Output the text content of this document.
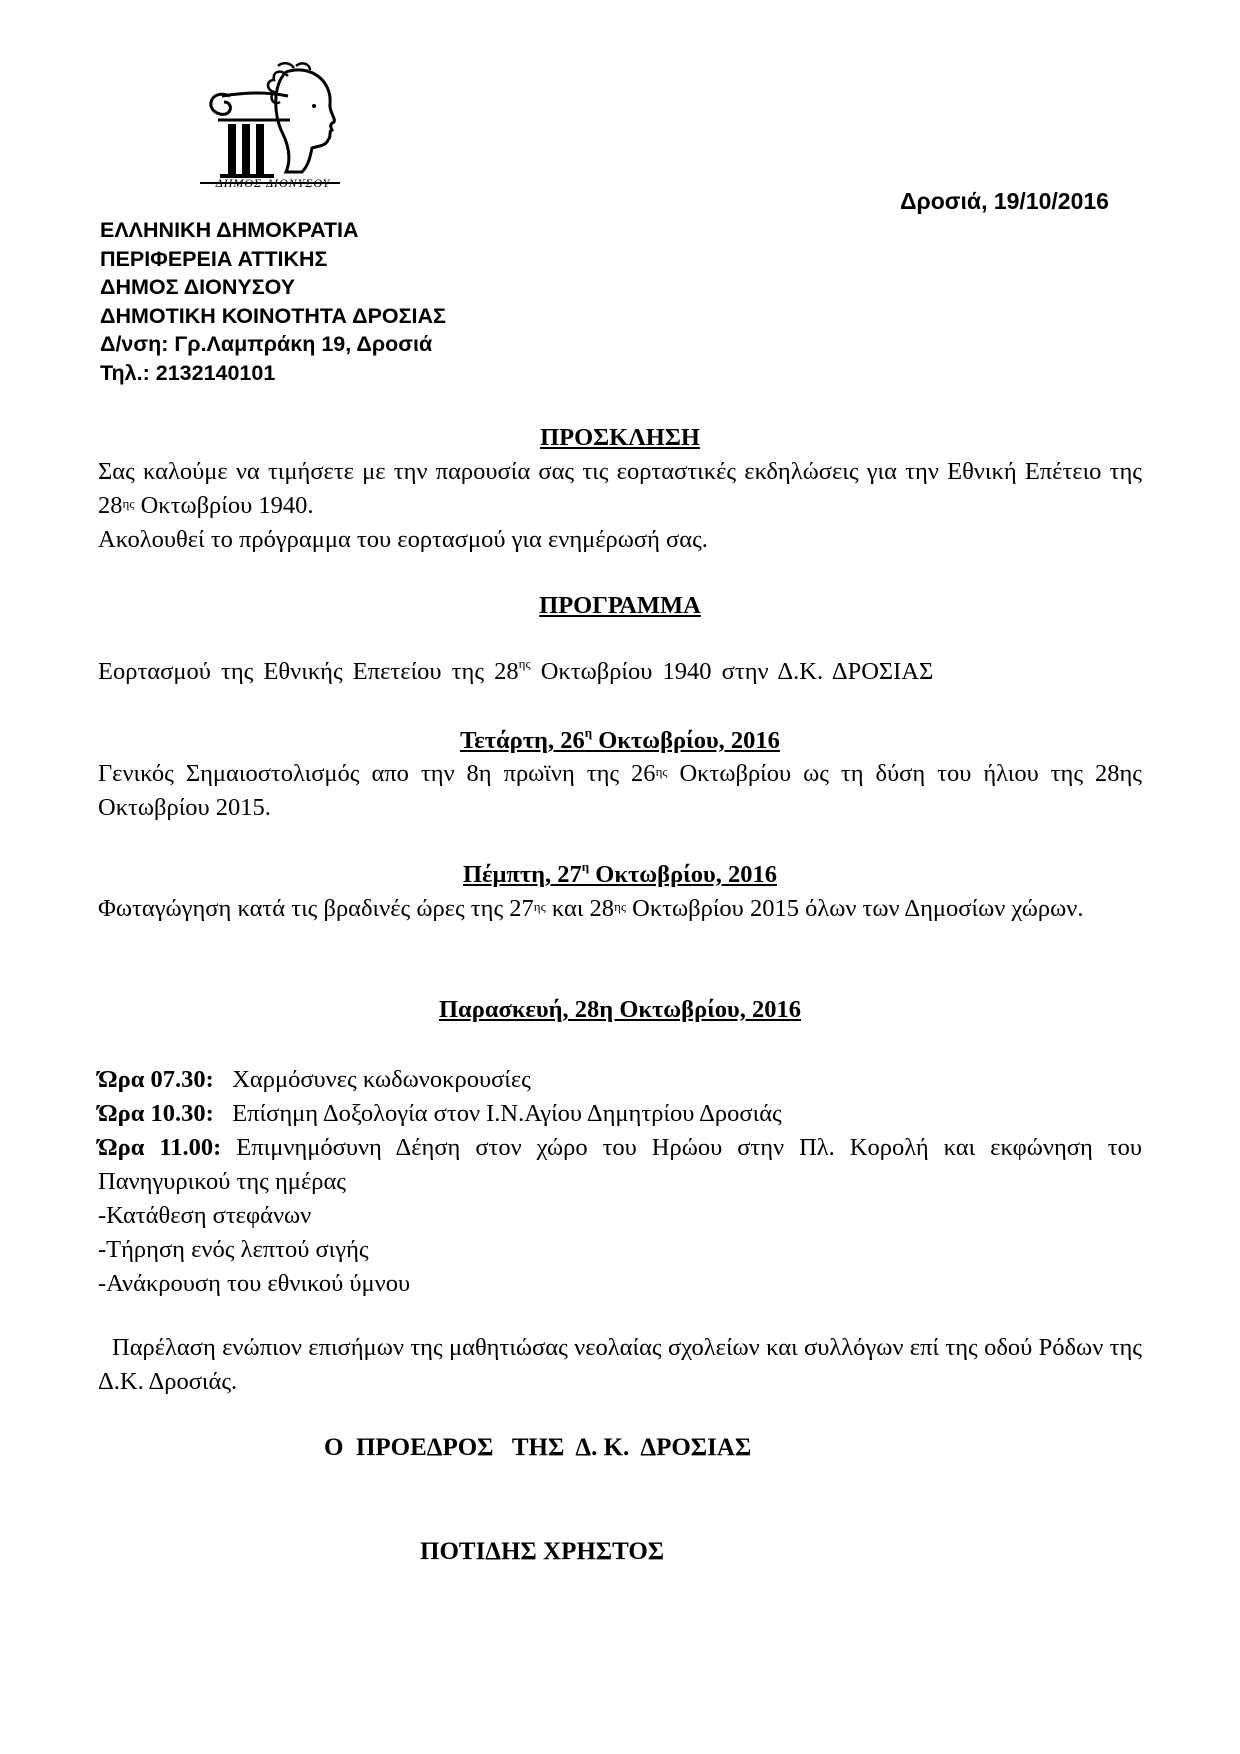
ΔΗΜΟΣ ΔΙΟΝΥΣΟΥ
Δροσιά, 19/10/2016
ΕΛΛΗΝΙΚΗ ΔΗΜΟΚΡΑΤΙΑ
ΠΕΡΙΦΕΡΕΙΑ ΑΤΤΙΚΗΣ
ΔΗΜΟΣ ΔΙΟΝΥΣΟΥ
ΔΗΜΟΤΙΚΗ ΚΟΙΝΟΤΗΤΑ ΔΡΟΣΙΑΣ
Δ/νση: Γρ.Λαμπράκη 19, Δροσιά
Τηλ.: 2132140101
ΠΡΟΣΚΛΗΣΗ
Σας καλούμε να τιμήσετε με την παρουσία σας τις εορταστικές εκδηλώσεις για την Εθνική Επέτειο της $28^{\eta\varsigma}$ Οκτωβρίου 1940.
Ακολουθεί το πρόγραμμα του εορτασμού για ενημέρωσή σας.
ΠΡΟΓΡΑΜΜΑ
Εορτασμού της Εθνικής Επετείου της $28^{\eta\varsigma}$ Οκτωβρίου 1940 στην Δ.Κ. ΔΡΟΣΙΑΣ
Τετάρτη, $26^\eta$ Οκτωβρίου, 2016
Γενικός Σημαιοστολισμός απο την 8η πρωϊνη της $26^{\eta\varsigma}$ Οκτωβρίου ως τη δύση του ήλιου της 28ης Οκτωβρίου 2015.
Πέμπτη, $27^\eta$ Οκτωβρίου, 2016
Φωταγώγηση κατά τις βραδινές ώρες της $27^{\eta\varsigma}$ και $28^{\eta\varsigma}$ Οκτωβρίου 2015 όλων των Δημοσίων χώρων.
Παρασκευή, 28η Οκτωβρίου, 2016
Ώρα 07.30: Χαρμόσυνες κωδωνοκρουσίες
Ώρα 10.30: Επίσημη Δοξολογία στον Ι.Ν.Αγίου Δημητρίου Δροσιάς
Ώρα 11.00: Επιμνημόσυνη Δέηση στον χώρο του Ηρώου στην Πλ. Κορολή και εκφώνηση του Πανηγυρικού της ημέρας
-Κατάθεση στεφάνων
-Τήρηση ενός λεπτού σιγής
-Ανάκρουση του εθνικού ύμνου
Παρέλαση ενώπιον επισήμων της μαθητιώσας νεολαίας σχολείων και συλλόγων επί της οδού Ρόδων της Δ.Κ. Δροσιάς.
Ο  ΠΡΟΕΔΡΟΣ   ΤΗΣ  Δ. Κ.  ΔΡΟΣΙΑΣ
ΠΟΤΙΔΗΣ ΧΡΗΣΤΟΣ
